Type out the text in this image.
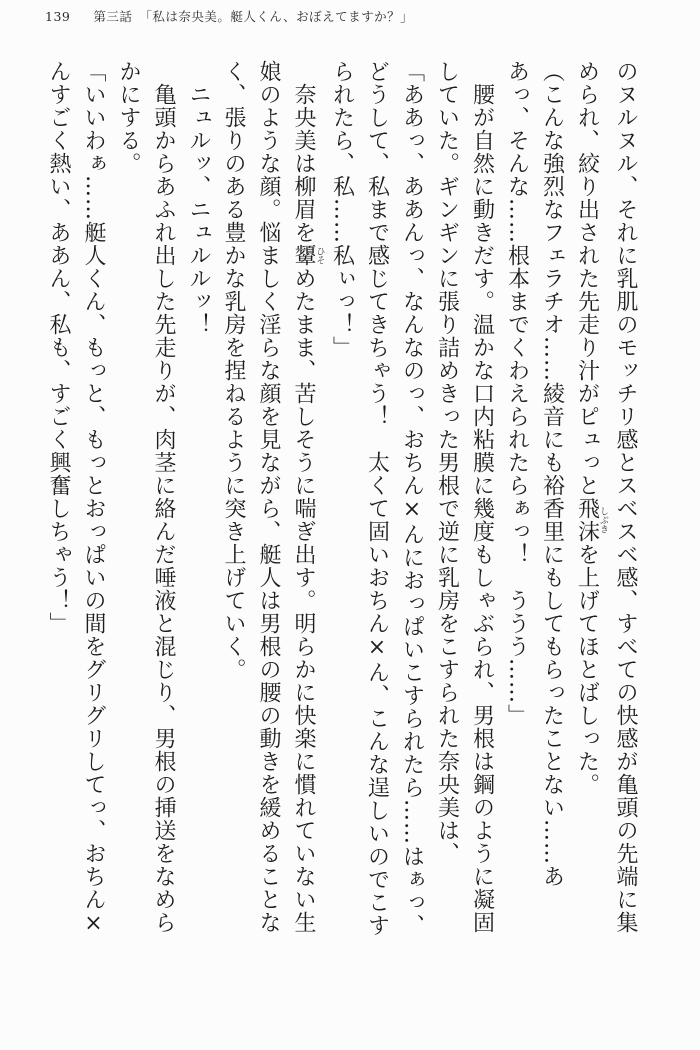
139 第三話 「私は奈央美。艇人くん、おぼえてますか？」
のヌルヌル、それに乳肌のモッチリ感とスベスベ感、すべての快感が亀頭の先端に集
められ、絞り出された先走り汁がピュっと飛沫しぶきを上げてほとばしった。
（こんな強烈なフェラチオ……綾音にも裕香里にもしてもらったことない……あ
あっ、そんな……根本までくわえられたらぁっ！　ううう……」
　腰が自然に動きだす。温かな口内粘膜に幾度もしゃぶられ、男根は鋼のように凝固
していた。ギンギンに張り詰めきった男根で逆に乳房をこすられた奈央美は、
「ああっ、ああんっ、なんなのっ、おちん×んにおっぱいこすられたら……はぁっ、
どうして、私まで感じてきちゃう！　太くて固いおちん×ん、こんな逞しいのでこす
られたら、私……私ぃっ！」
　奈央美は柳眉を顰ひそめたまま、苦しそうに喘ぎ出す。明らかに快楽に慣れていない生
娘のような顔。悩ましく淫らな顔を見ながら、艇人は男根の腰の動きを緩めることな
く、張りのある豊かな乳房を捏ねるように突き上げていく。
　ニュルッ、ニュルルッ！
　亀頭からあふれ出した先走りが、肉茎に絡んだ唾液と混じり、男根の挿送をなめら
かにする。
「いいわぁ……艇人くん、もっと、もっとおっぱいの間をグリグリしてっ、おちん×
んすごく熱い、ああん、私も、すごく興奮しちゃう！」
